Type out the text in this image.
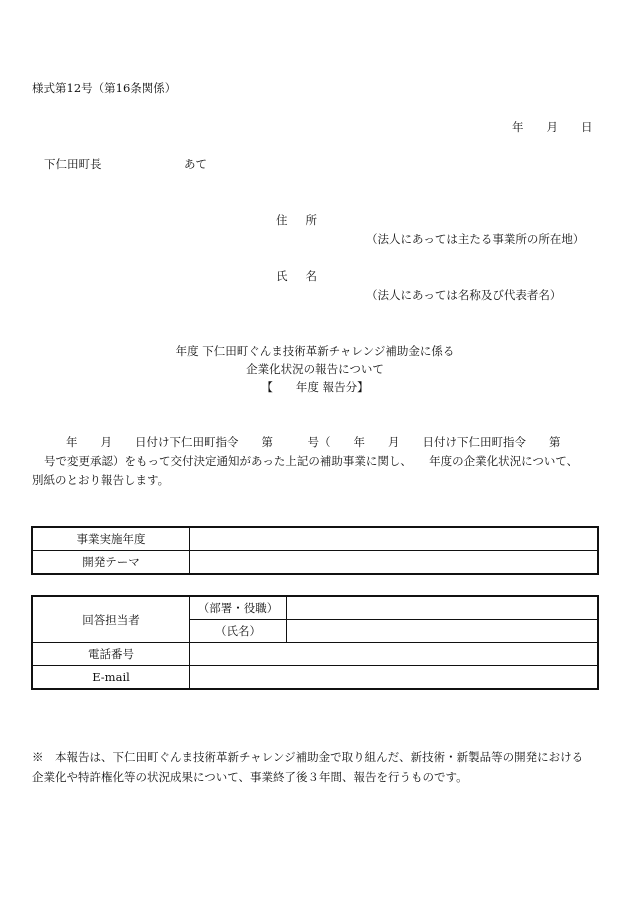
様式第12号（第16条関係）
年　　月　　日
下仁田町長	あて
住所
（法人にあっては主たる事業所の所在地）
氏名
（法人にあっては名称及び代表者名）
年度 下仁田町ぐんま技術革新チャレンジ補助金に係る
企業化状況の報告について
【　　年度 報告分】
年　　月　　日付け下仁田町指令　　第　　　号（　　年　　月　　日付け下仁田町指令　　第
号で変更承認）をもって交付決定通知があった上記の補助事業に関し、　　年度の企業化状況について、
別紙のとおり報告します。
事業実施年度	
開発テーマ	
回答担当者	（部署・役職）	
	（氏名）	
電話番号		
E-mail		
※　本報告は、下仁田町ぐんま技術革新チャレンジ補助金で取り組んだ、新技術・新製品等の開発における
企業化や特許権化等の状況成果について、事業終了後３年間、報告を行うものです。
